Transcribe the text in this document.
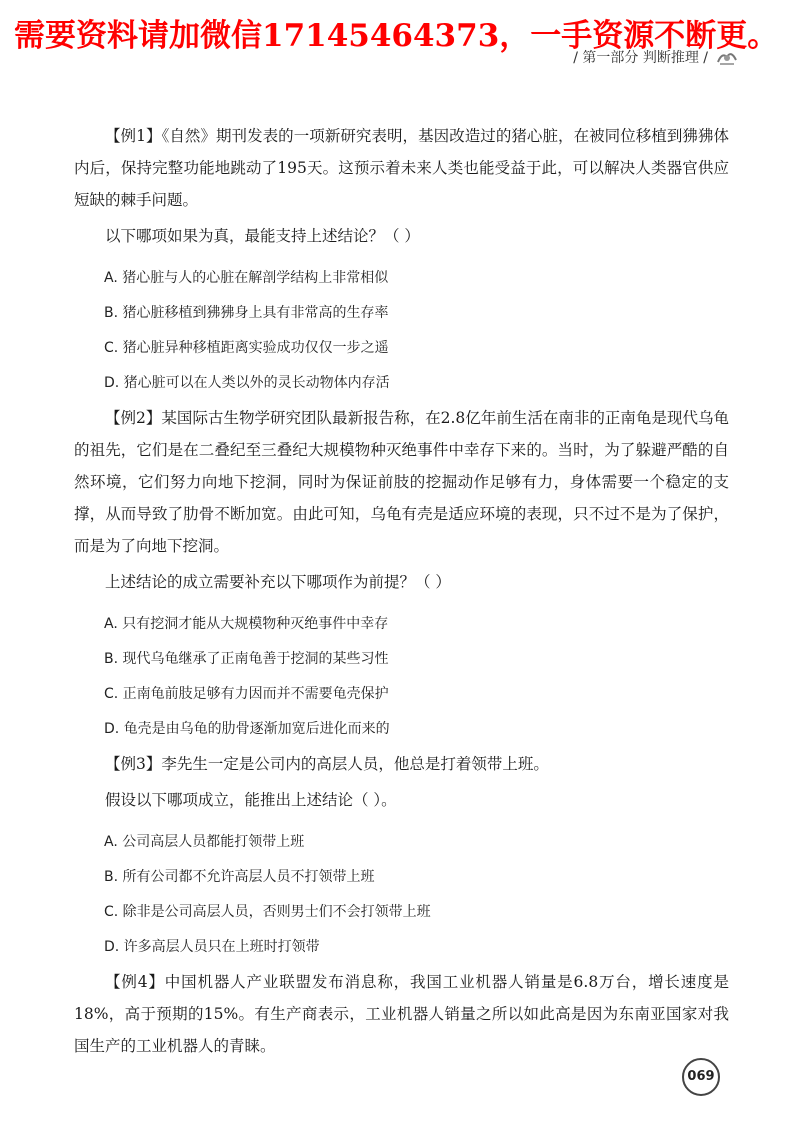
需要资料请加微信17145464373，一手资源不断更。
/ 第一部分 判断推理 /

【例1】《自然》期刊发表的一项新研究表明，基因改造过的猪心脏，在被同位移植到狒狒体内后，保持完整功能地跳动了195天。这预示着未来人类也能受益于此，可以解决人类器官供应短缺的棘手问题。

以下哪项如果为真，最能支持上述结论？（ ）

A. 猪心脏与人的心脏在解剖学结构上非常相似
B. 猪心脏移植到狒狒身上具有非常高的生存率
C. 猪心脏异种移植距离实验成功仅仅一步之遥
D. 猪心脏可以在人类以外的灵长动物体内存活

【例2】某国际古生物学研究团队最新报告称，在2.8亿年前生活在南非的正南龟是现代乌龟的祖先，它们是在二叠纪至三叠纪大规模物种灭绝事件中幸存下来的。当时，为了躲避严酷的自然环境，它们努力向地下挖洞，同时为保证前肢的挖掘动作足够有力，身体需要一个稳定的支撑，从而导致了肋骨不断加宽。由此可知，乌龟有壳是适应环境的表现，只不过不是为了保护，而是为了向地下挖洞。

上述结论的成立需要补充以下哪项作为前提？（ ）

A. 只有挖洞才能从大规模物种灭绝事件中幸存
B. 现代乌龟继承了正南龟善于挖洞的某些习性
C. 正南龟前肢足够有力因而并不需要龟壳保护
D. 龟壳是由乌龟的肋骨逐渐加宽后进化而来的

【例3】李先生一定是公司内的高层人员，他总是打着领带上班。

假设以下哪项成立，能推出上述结论（ ）。

A. 公司高层人员都能打领带上班
B. 所有公司都不允许高层人员不打领带上班
C. 除非是公司高层人员，否则男士们不会打领带上班
D. 许多高层人员只在上班时打领带

【例4】中国机器人产业联盟发布消息称，我国工业机器人销量是6.8万台，增长速度是18%，高于预期的15%。有生产商表示，工业机器人销量之所以如此高是因为东南亚国家对我国生产的工业机器人的青睐。

069
